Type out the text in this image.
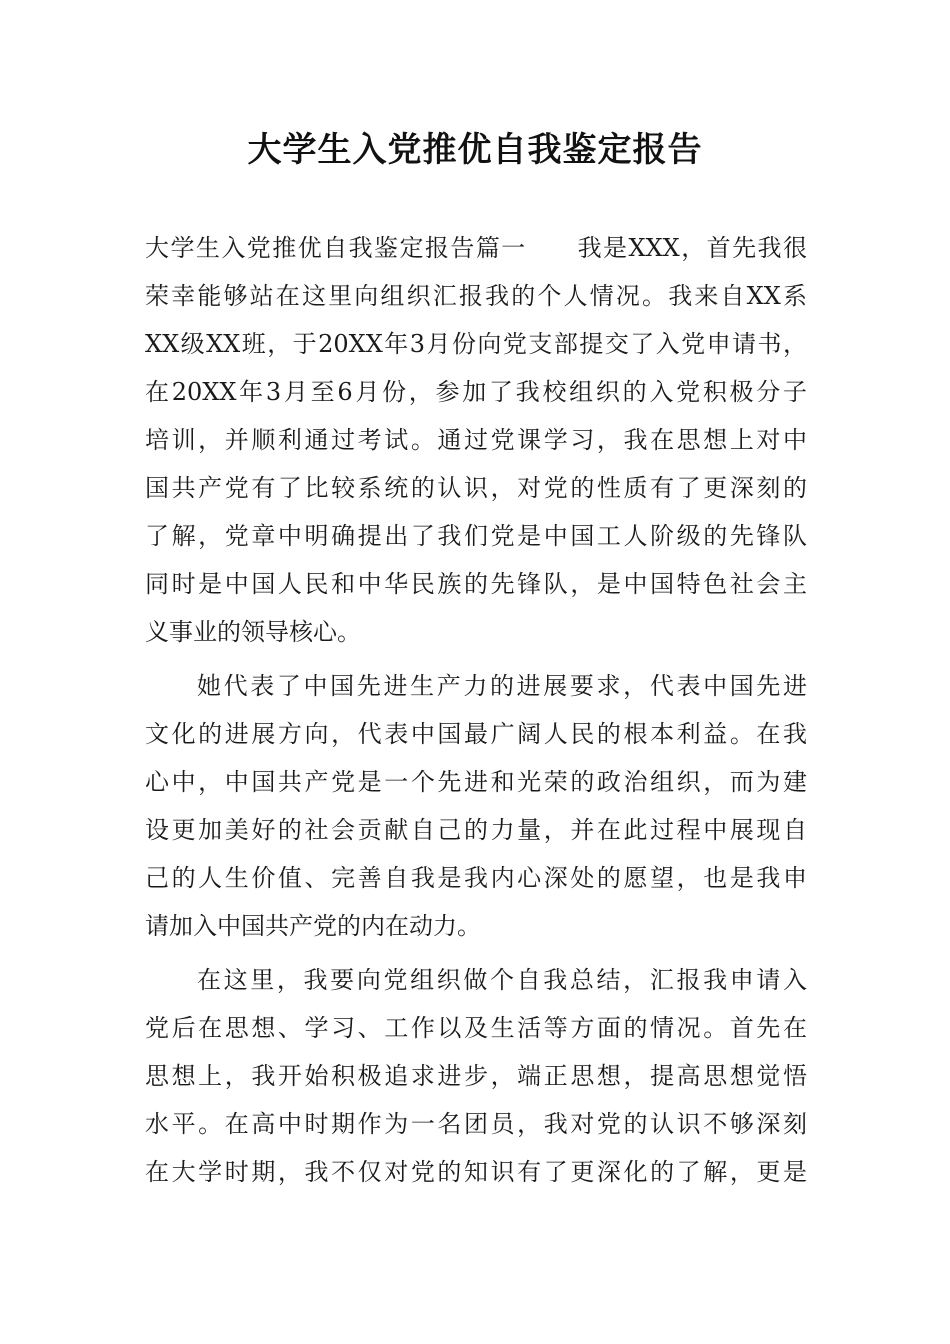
大学生入党推优自我鉴定报告
大学生入党推优自我鉴定报告篇一　　我是XXX，首先我很
荣幸能够站在这里向组织汇报我的个人情况。我来自XX系
XX级XX班，于20XX年3月份向党支部提交了入党申请书，
在20XX年3月至6月份，参加了我校组织的入党积极分子
培训，并顺利通过考试。通过党课学习，我在思想上对中
国共产党有了比较系统的认识，对党的性质有了更深刻的
了解，党章中明确提出了我们党是中国工人阶级的先锋队
同时是中国人民和中华民族的先锋队，是中国特色社会主
义事业的领导核心。
她代表了中国先进生产力的进展要求，代表中国先进
文化的进展方向，代表中国最广阔人民的根本利益。在我
心中，中国共产党是一个先进和光荣的政治组织，而为建
设更加美好的社会贡献自己的力量，并在此过程中展现自
己的人生价值、完善自我是我内心深处的愿望，也是我申
请加入中国共产党的内在动力。
在这里，我要向党组织做个自我总结，汇报我申请入
党后在思想、学习、工作以及生活等方面的情况。首先在
思想上，我开始积极追求进步，端正思想，提高思想觉悟
水平。在高中时期作为一名团员，我对党的认识不够深刻
在大学时期，我不仅对党的知识有了更深化的了解，更是
